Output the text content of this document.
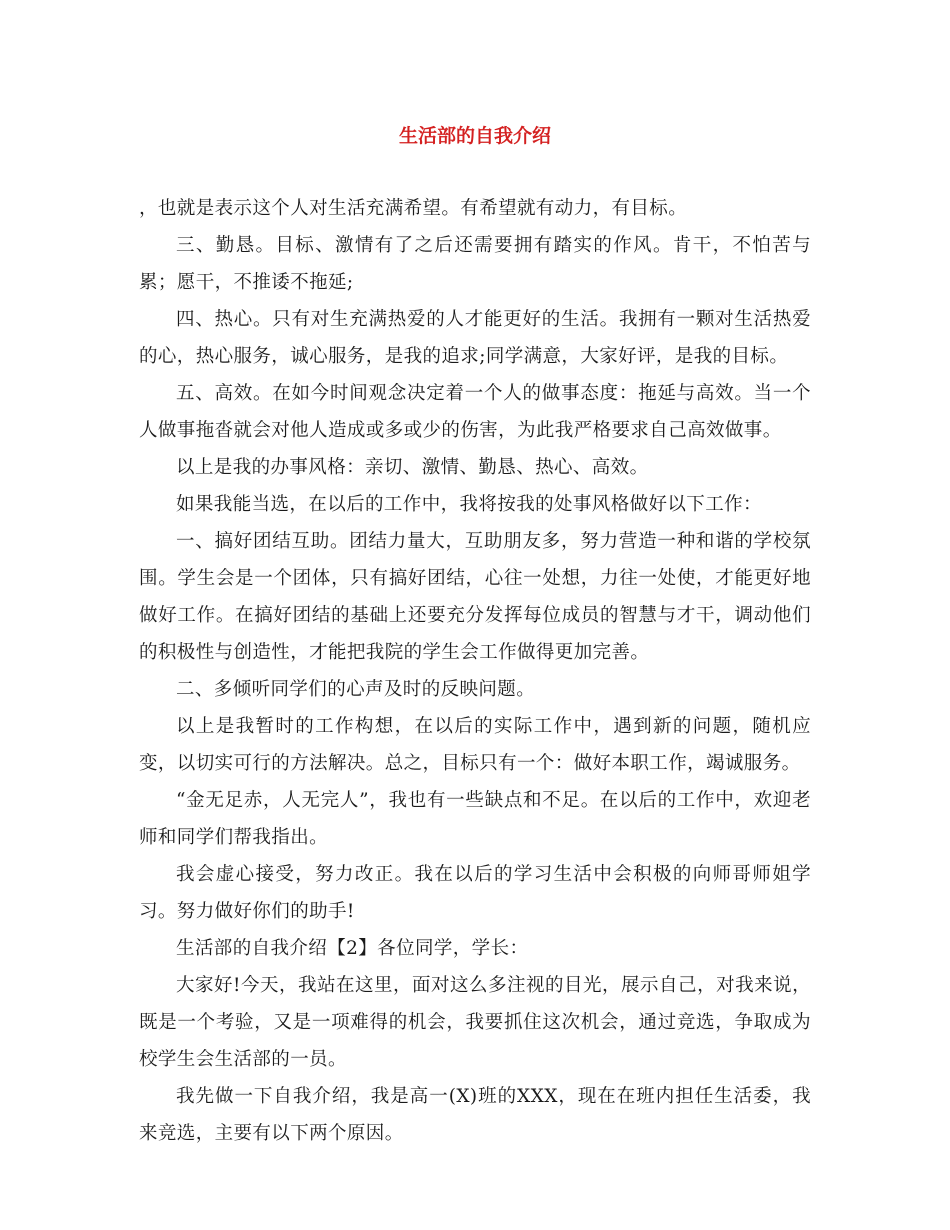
生活部的自我介绍

，也就是表示这个人对生活充满希望。有希望就有动力，有目标。

三、勤恳。目标、激情有了之后还需要拥有踏实的作风。肯干，不怕苦与累；愿干，不推诿不拖延;

四、热心。只有对生充满热爱的人才能更好的生活。我拥有一颗对生活热爱的心，热心服务，诚心服务，是我的追求;同学满意，大家好评，是我的目标。

五、高效。在如今时间观念决定着一个人的做事态度：拖延与高效。当一个人做事拖沓就会对他人造成或多或少的伤害，为此我严格要求自己高效做事。

以上是我的办事风格：亲切、激情、勤恳、热心、高效。

如果我能当选，在以后的工作中，我将按我的处事风格做好以下工作：

一、搞好团结互助。团结力量大，互助朋友多，努力营造一种和谐的学校氛围。学生会是一个团体，只有搞好团结，心往一处想，力往一处使，才能更好地做好工作。在搞好团结的基础上还要充分发挥每位成员的智慧与才干，调动他们的积极性与创造性，才能把我院的学生会工作做得更加完善。

二、多倾听同学们的心声及时的反映问题。

以上是我暂时的工作构想，在以后的实际工作中，遇到新的问题，随机应变，以切实可行的方法解决。总之，目标只有一个：做好本职工作，竭诚服务。

“金无足赤，人无完人”，我也有一些缺点和不足。在以后的工作中，欢迎老师和同学们帮我指出。

我会虚心接受，努力改正。我在以后的学习生活中会积极的向师哥师姐学习。努力做好你们的助手!

生活部的自我介绍【2】各位同学，学长：

大家好!今天，我站在这里，面对这么多注视的目光，展示自己，对我来说，既是一个考验，又是一项难得的机会，我要抓住这次机会，通过竞选，争取成为校学生会生活部的一员。

我先做一下自我介绍，我是高一(X)班的XXX，现在在班内担任生活委，我来竞选，主要有以下两个原因。
